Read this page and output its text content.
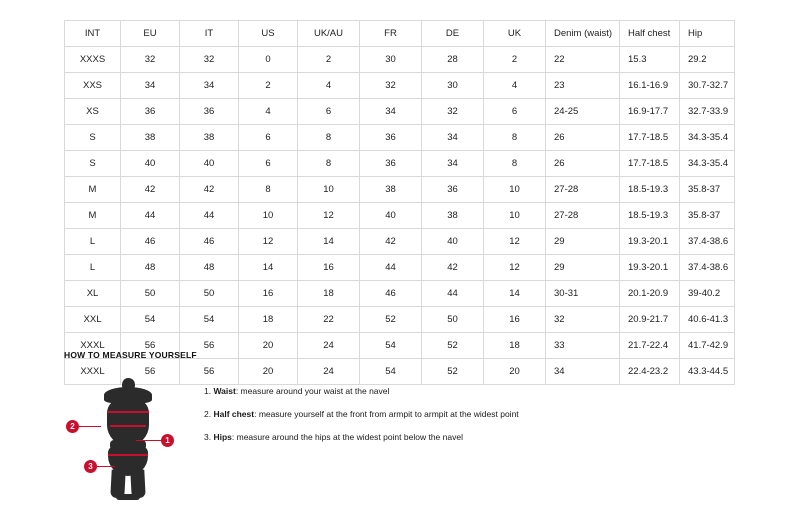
INT	EU	IT	US	UK/AU	FR	DE	UK	Denim (waist)	Half chest	Hip
XXXS	32	32	0	2	30	28	2	22	15.3	29.2
XXS	34	34	2	4	32	30	4	23	16.1-16.9	30.7-32.7
XS	36	36	4	6	34	32	6	24-25	16.9-17.7	32.7-33.9
S	38	38	6	8	36	34	8	26	17.7-18.5	34.3-35.4
S	40	40	6	8	36	34	8	26	17.7-18.5	34.3-35.4
M	42	42	8	10	38	36	10	27-28	18.5-19.3	35.8-37
M	44	44	10	12	40	38	10	27-28	18.5-19.3	35.8-37
L	46	46	12	14	42	40	12	29	19.3-20.1	37.4-38.6
L	48	48	14	16	44	42	12	29	19.3-20.1	37.4-38.6
XL	50	50	16	18	46	44	14	30-31	20.1-20.9	39-40.2
XXL	54	54	18	22	52	50	16	32	20.9-21.7	40.6-41.3
XXXL	56	56	20	24	54	52	18	33	21.7-22.4	41.7-42.9
XXXL	56	56	20	24	54	52	20	34	22.4-23.2	43.3-44.5
HOW TO MEASURE YOURSELF
1
2
3
1. Waist: measure around your waist at the navel
2. Half chest: measure yourself at the front from armpit to armpit at the widest point
3. Hips: measure around the hips at the widest point below the navel
